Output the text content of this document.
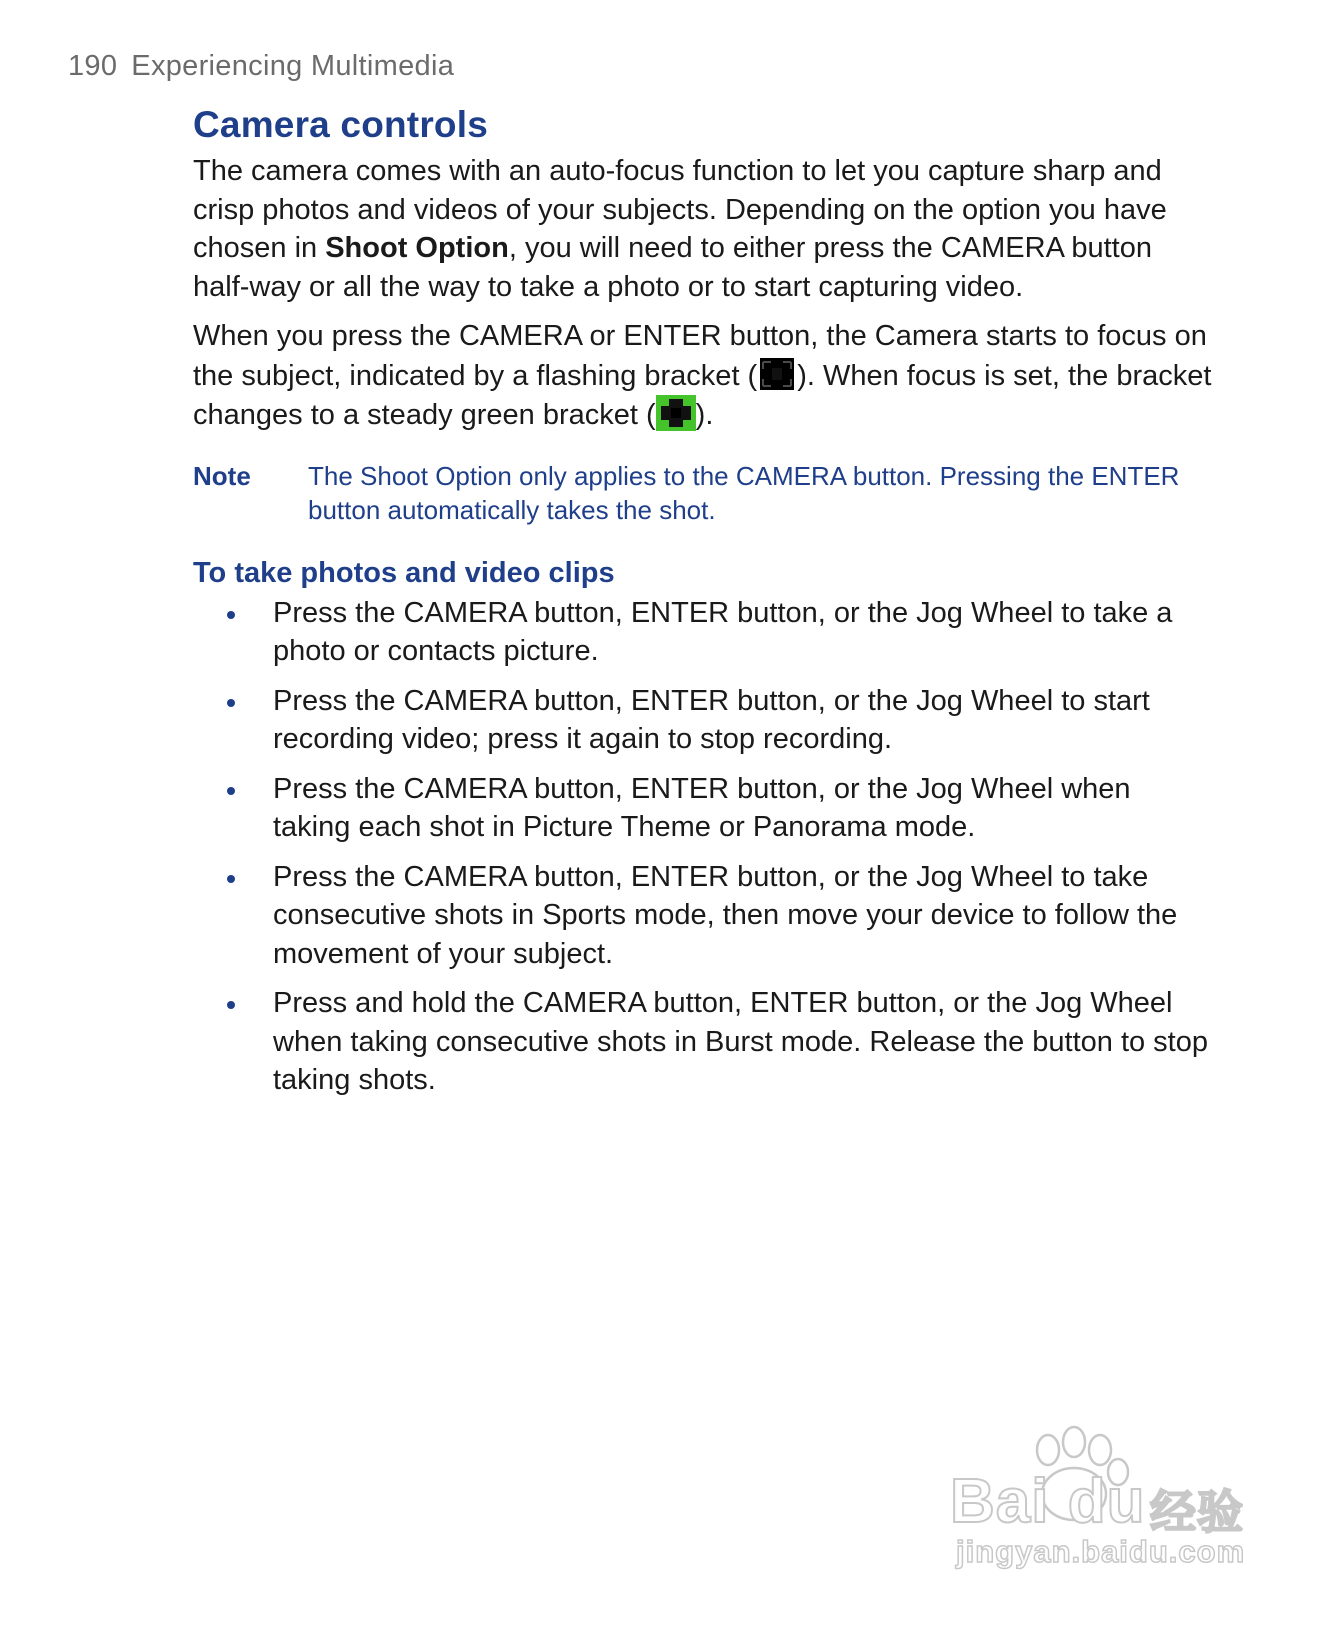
190 Experiencing Multimedia
Camera controls

The camera comes with an auto-focus function to let you capture sharp and crisp photos and videos of your subjects. Depending on the option you have chosen in Shoot Option, you will need to either press the CAMERA button half-way or all the way to take a photo or to start capturing video.

When you press the CAMERA or ENTER button, the Camera starts to focus on the subject, indicated by a flashing bracket ( ). When focus is set, the bracket changes to a steady green bracket ( ).

Note	The Shoot Option only applies to the CAMERA button. Pressing the ENTER button automatically takes the shot.
To take photos and video clips
Press the CAMERA button, ENTER button, or the Jog Wheel to take a photo or contacts picture.
Press the CAMERA button, ENTER button, or the Jog Wheel to start recording video; press it again to stop recording.
Press the CAMERA button, ENTER button, or the Jog Wheel when taking each shot in Picture Theme or Panorama mode.
Press the CAMERA button, ENTER button, or the Jog Wheel to take consecutive shots in Sports mode, then move your device to follow the movement of your subject.
Press and hold the CAMERA button, ENTER button, or the Jog Wheel when taking consecutive shots in Burst mode. Release the button to stop taking shots.
Bai du 经验
jingyan.baidu.com
